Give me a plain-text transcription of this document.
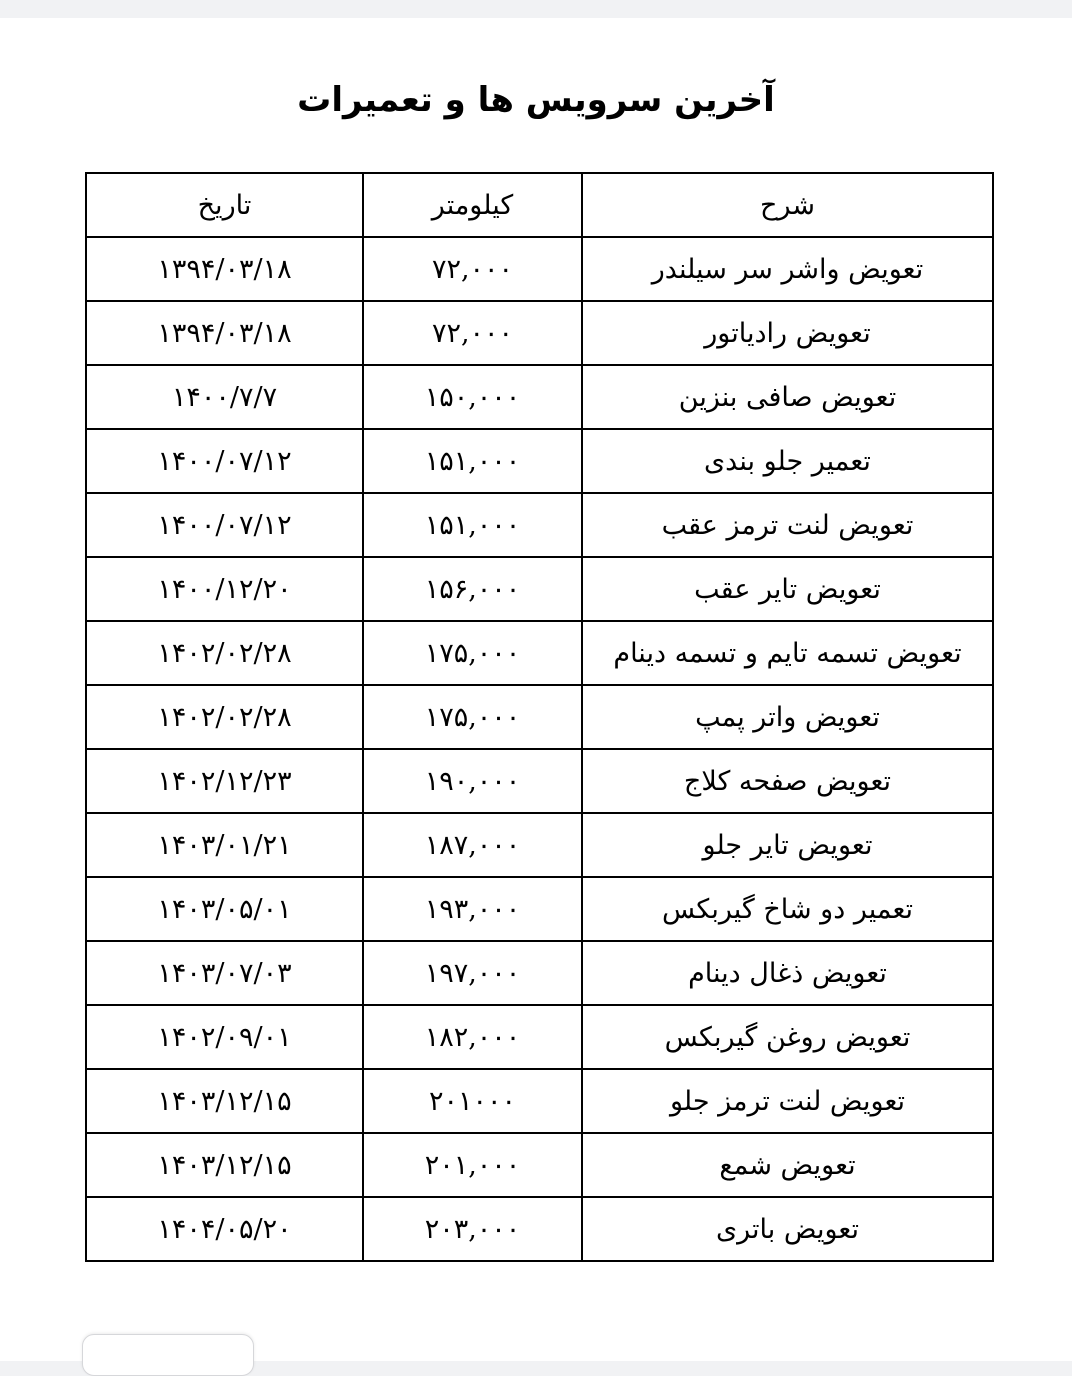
آخرین سرویس ها و تعمیرات
شرح	کیلومتر	تاریخ
تعویض واشر سر سیلندر	۷۲,۰۰۰	۱۳۹۴/۰۳/۱۸
تعویض رادیاتور	۷۲,۰۰۰	۱۳۹۴/۰۳/۱۸
تعویض صافی بنزین	۱۵۰,۰۰۰	۱۴۰۰/۷/۷
تعمیر جلو بندی	۱۵۱,۰۰۰	۱۴۰۰/۰۷/۱۲
تعویض لنت ترمز عقب	۱۵۱,۰۰۰	۱۴۰۰/۰۷/۱۲
تعویض تایر عقب	۱۵۶,۰۰۰	۱۴۰۰/۱۲/۲۰
تعویض تسمه تایم و تسمه دینام	۱۷۵,۰۰۰	۱۴۰۲/۰۲/۲۸
تعویض واتر پمپ	۱۷۵,۰۰۰	۱۴۰۲/۰۲/۲۸
تعویض صفحه کلاج	۱۹۰,۰۰۰	۱۴۰۲/۱۲/۲۳
تعویض تایر جلو	۱۸۷,۰۰۰	۱۴۰۳/۰۱/۲۱
تعمیر دو شاخ گیربکس	۱۹۳,۰۰۰	۱۴۰۳/۰۵/۰۱
تعویض ذغال دینام	۱۹۷,۰۰۰	۱۴۰۳/۰۷/۰۳
تعویض روغن گیربکس	۱۸۲,۰۰۰	۱۴۰۲/۰۹/۰۱
تعویض لنت ترمز جلو	۲۰۱۰۰۰	۱۴۰۳/۱۲/۱۵
تعویض شمع	۲۰۱,۰۰۰	۱۴۰۳/۱۲/۱۵
تعویض باتری	۲۰۳,۰۰۰	۱۴۰۴/۰۵/۲۰
